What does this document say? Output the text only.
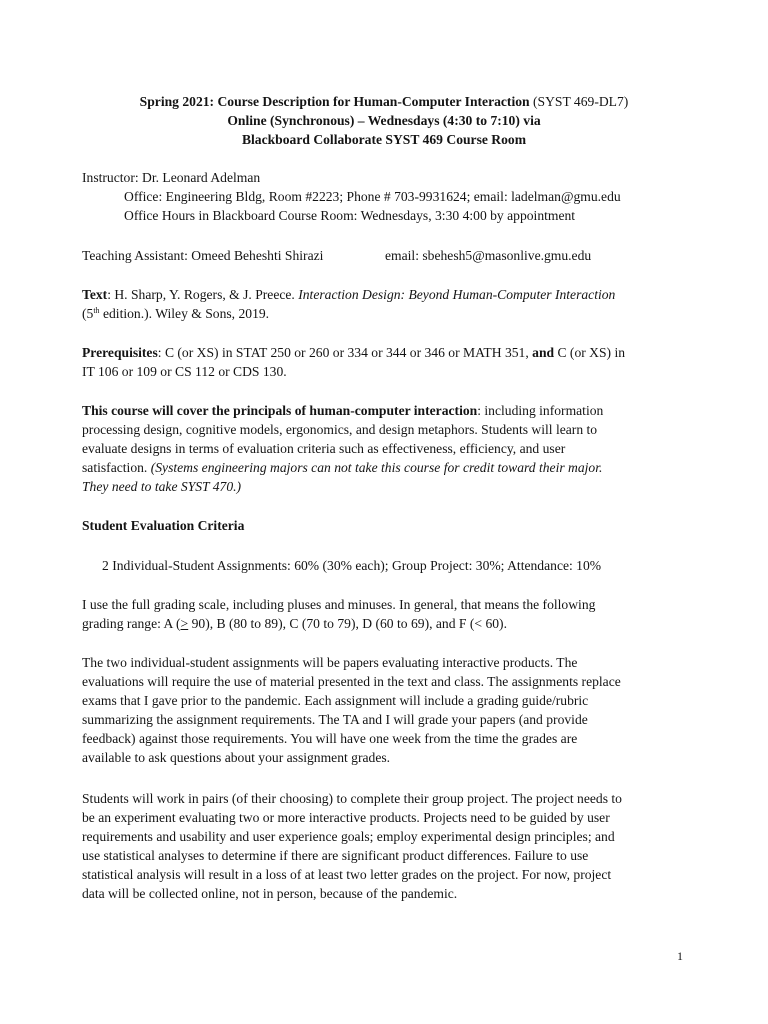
Spring 2021: Course Description for Human-Computer Interaction (SYST 469-DL7)
Online (Synchronous) – Wednesdays (4:30 to 7:10) via
Blackboard Collaborate SYST 469 Course Room
Instructor: Dr. Leonard Adelman
Office: Engineering Bldg, Room #2223; Phone # 703-9931624; email: ladelman@gmu.edu
Office Hours in Blackboard Course Room: Wednesdays, 3:30 4:00 by appointment
Teaching Assistant: Omeed Beheshti Shirazi	email: sbehesh5@masonlive.gmu.edu
Text: H. Sharp, Y. Rogers, & J. Preece. Interaction Design: Beyond Human-Computer Interaction
(5th edition.). Wiley & Sons, 2019.
Prerequisites: C (or XS) in STAT 250 or 260 or 334 or 344 or 346 or MATH 351, and C (or XS) in
IT 106 or 109 or CS 112 or CDS 130.
This course will cover the principals of human-computer interaction: including information
processing design, cognitive models, ergonomics, and design metaphors. Students will learn to
evaluate designs in terms of evaluation criteria such as effectiveness, efficiency, and user
satisfaction. (Systems engineering majors can not take this course for credit toward their major.
They need to take SYST 470.)
Student Evaluation Criteria
2 Individual-Student Assignments: 60% (30% each); Group Project: 30%; Attendance: 10%
I use the full grading scale, including pluses and minuses. In general, that means the following
grading range: A (> 90), B (80 to 89), C (70 to 79), D (60 to 69), and F (< 60).
The two individual-student assignments will be papers evaluating interactive products. The
evaluations will require the use of material presented in the text and class. The assignments replace
exams that I gave prior to the pandemic. Each assignment will include a grading guide/rubric
summarizing the assignment requirements. The TA and I will grade your papers (and provide
feedback) against those requirements. You will have one week from the time the grades are
available to ask questions about your assignment grades.
Students will work in pairs (of their choosing) to complete their group project. The project needs to
be an experiment evaluating two or more interactive products. Projects need to be guided by user
requirements and usability and user experience goals; employ experimental design principles; and
use statistical analyses to determine if there are significant product differences. Failure to use
statistical analysis will result in a loss of at least two letter grades on the project. For now, project
data will be collected online, not in person, because of the pandemic.
1
